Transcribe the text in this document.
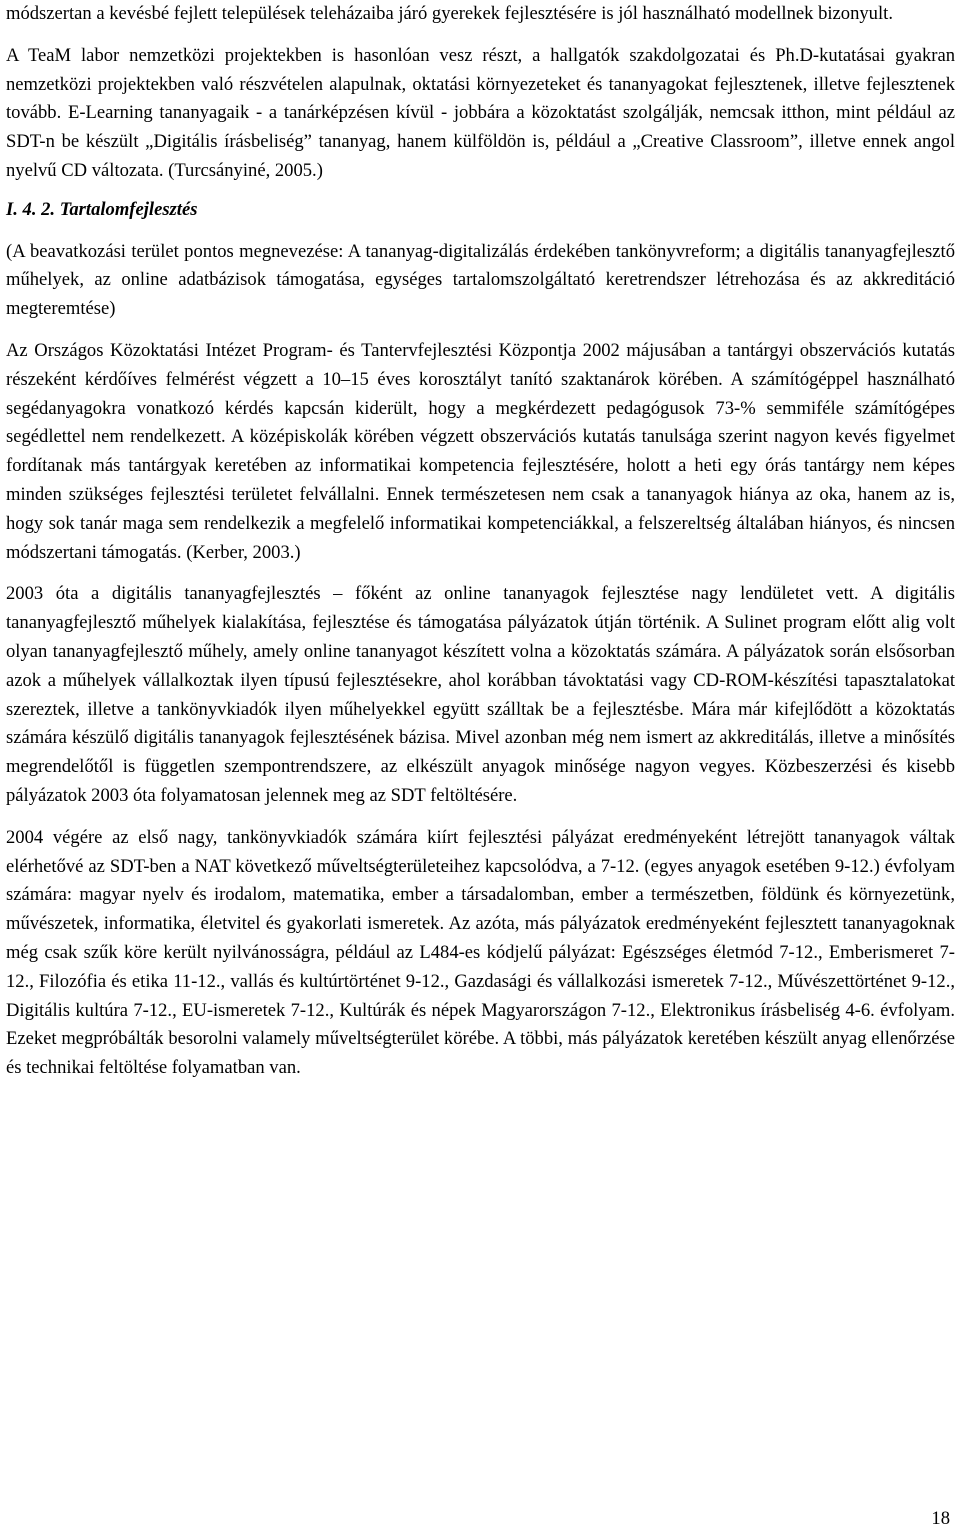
módszertan a kevésbé fejlett települések teleházaiba járó gyerekek fejlesztésére is jól használható modellnek bizonyult.

A TeaM labor nemzetközi projektekben is hasonlóan vesz részt, a hallgatók szakdolgozatai és Ph.D-kutatásai gyakran nemzetközi projektekben való részvételen alapulnak, oktatási környezeteket és tananyagokat fejlesztenek, illetve fejlesztenek tovább. E-Learning tananyagaik - a tanárképzésen kívül - jobbára a közoktatást szolgálják, nemcsak itthon, mint például az SDT-n be készült „Digitális írásbeliség” tananyag, hanem külföldön is, például a „Creative Classroom”, illetve ennek angol nyelvű CD változata. (Turcsányiné, 2005.)

I. 4. 2. Tartalomfejlesztés

(A beavatkozási terület pontos megnevezése: A tananyag-digitalizálás érdekében tankönyvreform; a digitális tananyagfejlesztő műhelyek, az online adatbázisok támogatása, egységes tartalomszolgáltató keretrendszer létrehozása és az akkreditáció megteremtése)

Az Országos Közoktatási Intézet Program- és Tantervfejlesztési Központja 2002 májusában a tantárgyi obszervációs kutatás részeként kérdőíves felmérést végzett a 10–15 éves korosztályt tanító szaktanárok körében. A számítógéppel használható segédanyagokra vonatkozó kérdés kapcsán kiderült, hogy a megkérdezett pedagógusok 73-% semmiféle számítógépes segédlettel nem rendelkezett. A középiskolák körében végzett obszervációs kutatás tanulsága szerint nagyon kevés figyelmet fordítanak más tantárgyak keretében az informatikai kompetencia fejlesztésére, holott a heti egy órás tantárgy nem képes minden szükséges fejlesztési területet felvállalni. Ennek természetesen nem csak a tananyagok hiánya az oka, hanem az is, hogy sok tanár maga sem rendelkezik a megfelelő informatikai kompetenciákkal, a felszereltség általában hiányos, és nincsen módszertani támogatás. (Kerber, 2003.)

2003 óta a digitális tananyagfejlesztés – főként az online tananyagok fejlesztése nagy lendületet vett. A digitális tananyagfejlesztő műhelyek kialakítása, fejlesztése és támogatása pályázatok útján történik. A Sulinet program előtt alig volt olyan tananyagfejlesztő műhely, amely online tananyagot készített volna a közoktatás számára. A pályázatok során elsősorban azok a műhelyek vállalkoztak ilyen típusú fejlesztésekre, ahol korábban távoktatási vagy CD-ROM-készítési tapasztalatokat szereztek, illetve a tankönyvkiadók ilyen műhelyekkel együtt szálltak be a fejlesztésbe. Mára már kifejlődött a közoktatás számára készülő digitális tananyagok fejlesztésének bázisa. Mivel azonban még nem ismert az akkreditálás, illetve a minősítés megrendelőtől is független szempontrendszere, az elkészült anyagok minősége nagyon vegyes. Közbeszerzési és kisebb pályázatok 2003 óta folyamatosan jelennek meg az SDT feltöltésére.

2004 végére az első nagy, tankönyvkiadók számára kiírt fejlesztési pályázat eredményeként létrejött tananyagok váltak elérhetővé az SDT-ben a NAT következő műveltségterületeihez kapcsolódva, a 7-12. (egyes anyagok esetében 9-12.) évfolyam számára: magyar nyelv és irodalom, matematika, ember a társadalomban, ember a természetben, földünk és környezetünk, művészetek, informatika, életvitel és gyakorlati ismeretek. Az azóta, más pályázatok eredményeként fejlesztett tananyagoknak még csak szűk köre került nyilvánosságra, például az L484-es kódjelű pályázat: Egészséges életmód 7-12., Emberismeret 7-12., Filozófia és etika 11-12., vallás és kultúrtörténet 9-12., Gazdasági és vállalkozási ismeretek 7-12., Művészettörténet 9-12., Digitális kultúra 7-12., EU-ismeretek 7-12., Kultúrák és népek Magyarországon 7-12., Elektronikus írásbeliség 4-6. évfolyam. Ezeket megpróbálták besorolni valamely műveltségterület körébe. A többi, más pályázatok keretében készült anyag ellenőrzése és technikai feltöltése folyamatban van.

18
